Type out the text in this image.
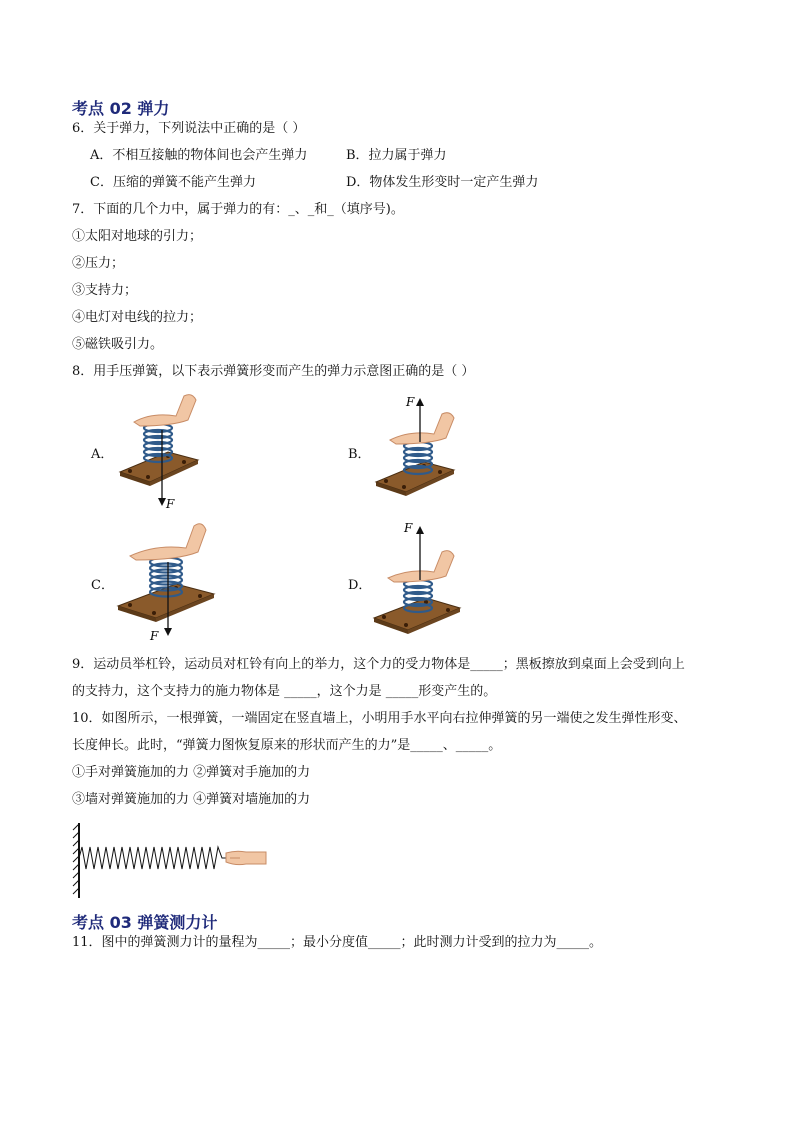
考点 02 弹力
6．关于弹力，下列说法中正确的是（ ）
A．不相互接触的物体间也会产生弹力	B．拉力属于弹力
C．压缩的弹簧不能产生弹力	D．物体发生形变时一定产生弹力
7．下面的几个力中，属于弹力的有：_、_和_（填序号)。
①太阳对地球的引力；
②压力；
③支持力；
④电灯对电线的拉力；
⑤磁铁吸引力。
8．用手压弹簧，以下表示弹簧形变而产生的弹力示意图正确的是（ ）
A．	B．
C．	D．
F
F
F
F
9．运动员举杠铃，运动员对杠铃有向上的举力，这个力的受力物体是_____；黑板擦放到桌面上会受到向上
的支持力，这个支持力的施力物体是 _____，这个力是 _____形变产生的。
10．如图所示，一根弹簧，一端固定在竖直墙上，小明用手水平向右拉伸弹簧的另一端使之发生弹性形变、
长度伸长。此时，“弹簧力图恢复原来的形状而产生的力”是_____、_____。
①手对弹簧施加的力 ②弹簧对手施加的力
③墙对弹簧施加的力 ④弹簧对墙施加的力
考点 03 弹簧测力计
11．图中的弹簧测力计的量程为_____；最小分度值_____；此时测力计受到的拉力为_____。
